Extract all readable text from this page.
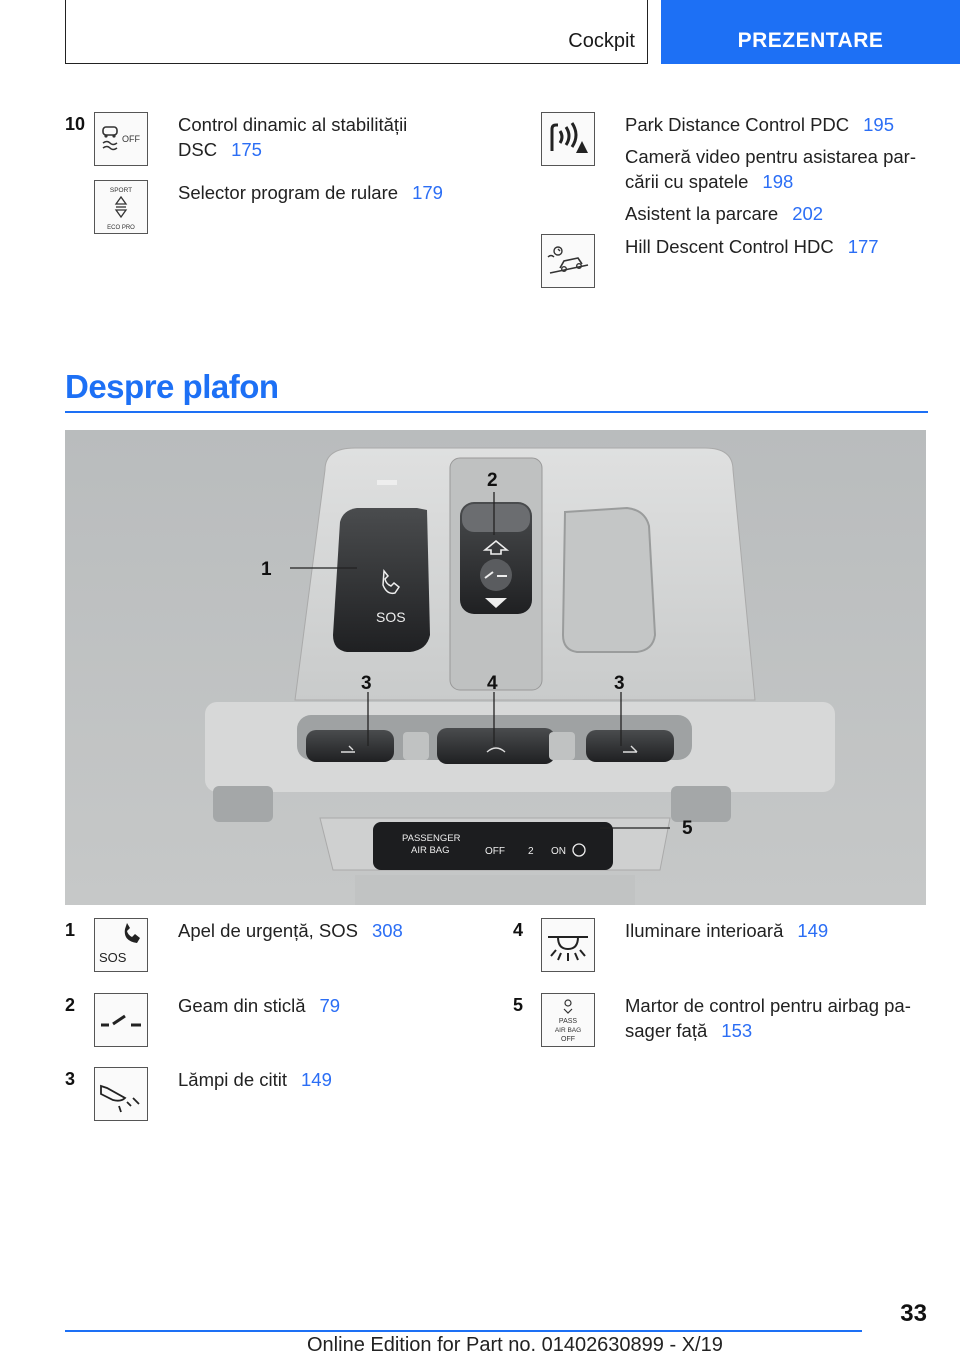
Cockpit	PREZENTARE
10
OFF
Control dinamic al stabilității
DSC 175
SPORT
ECO PRO
Selector program de rulare 179
Park Distance Control PDC 195
Cameră video pentru asistarea par-
cării cu spatele 198
Asistent la parcare 202
Hill Descent Control HDC 177
Despre plafon
SOS
PASSENGER
AIR BAG	OFF 2 ON
1
2
3	4	3
5
1
SOS
Apel de urgență, SOS 308
2	Geam din sticlă 79
3	Lămpi de citit 149
4	Iluminare interioară 149
5
PASS
AIR BAG
OFF
Martor de control pentru airbag pa-
sager față 153
33
Online Edition for Part no. 01402630899 - X/19
